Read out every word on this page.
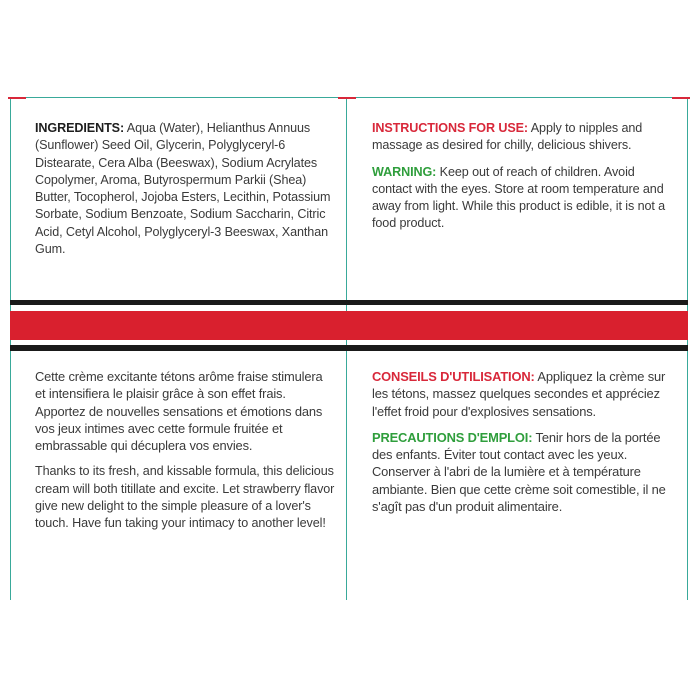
INGREDIENTS: Aqua (Water), Helianthus Annuus (Sunflower) Seed Oil, Glycerin, Polyglyceryl-6 Distearate, Cera Alba (Beeswax), Sodium Acrylates Copolymer, Aroma, Butyrospermum Parkii (Shea) Butter, Tocopherol, Jojoba Esters, Lecithin, Potassium Sorbate, Sodium Benzoate, Sodium Saccharin, Citric Acid, Cetyl Alcohol, Polyglyceryl-3 Beeswax, Xanthan Gum.

INSTRUCTIONS FOR USE: Apply to nipples and massage as desired for chilly, delicious shivers.

WARNING: Keep out of reach of children. Avoid contact with the eyes. Store at room temperature and away from light. While this product is edible, it is not a food product.

Cette crème excitante tétons arôme fraise stimulera et intensifiera le plaisir grâce à son effet frais. Apportez de nouvelles sensations et émotions dans vos jeux intimes avec cette formule fruitée et embrassable qui décuplera vos envies.

Thanks to its fresh, and kissable formula, this delicious cream will both titillate and excite. Let strawberry flavor give new delight to the simple pleasure of a lover's touch. Have fun taking your intimacy to another level!

CONSEILS D'UTILISATION: Appliquez la crème sur les tétons, massez quelques secondes et appréciez l'effet froid pour d'explosives sensations.

PRECAUTIONS D'EMPLOI: Tenir hors de la portée des enfants. Éviter tout contact avec les yeux. Conserver à l'abri de la lumière et à température ambiante. Bien que cette crème soit comestible, il ne s'agît pas d'un produit alimentaire.
